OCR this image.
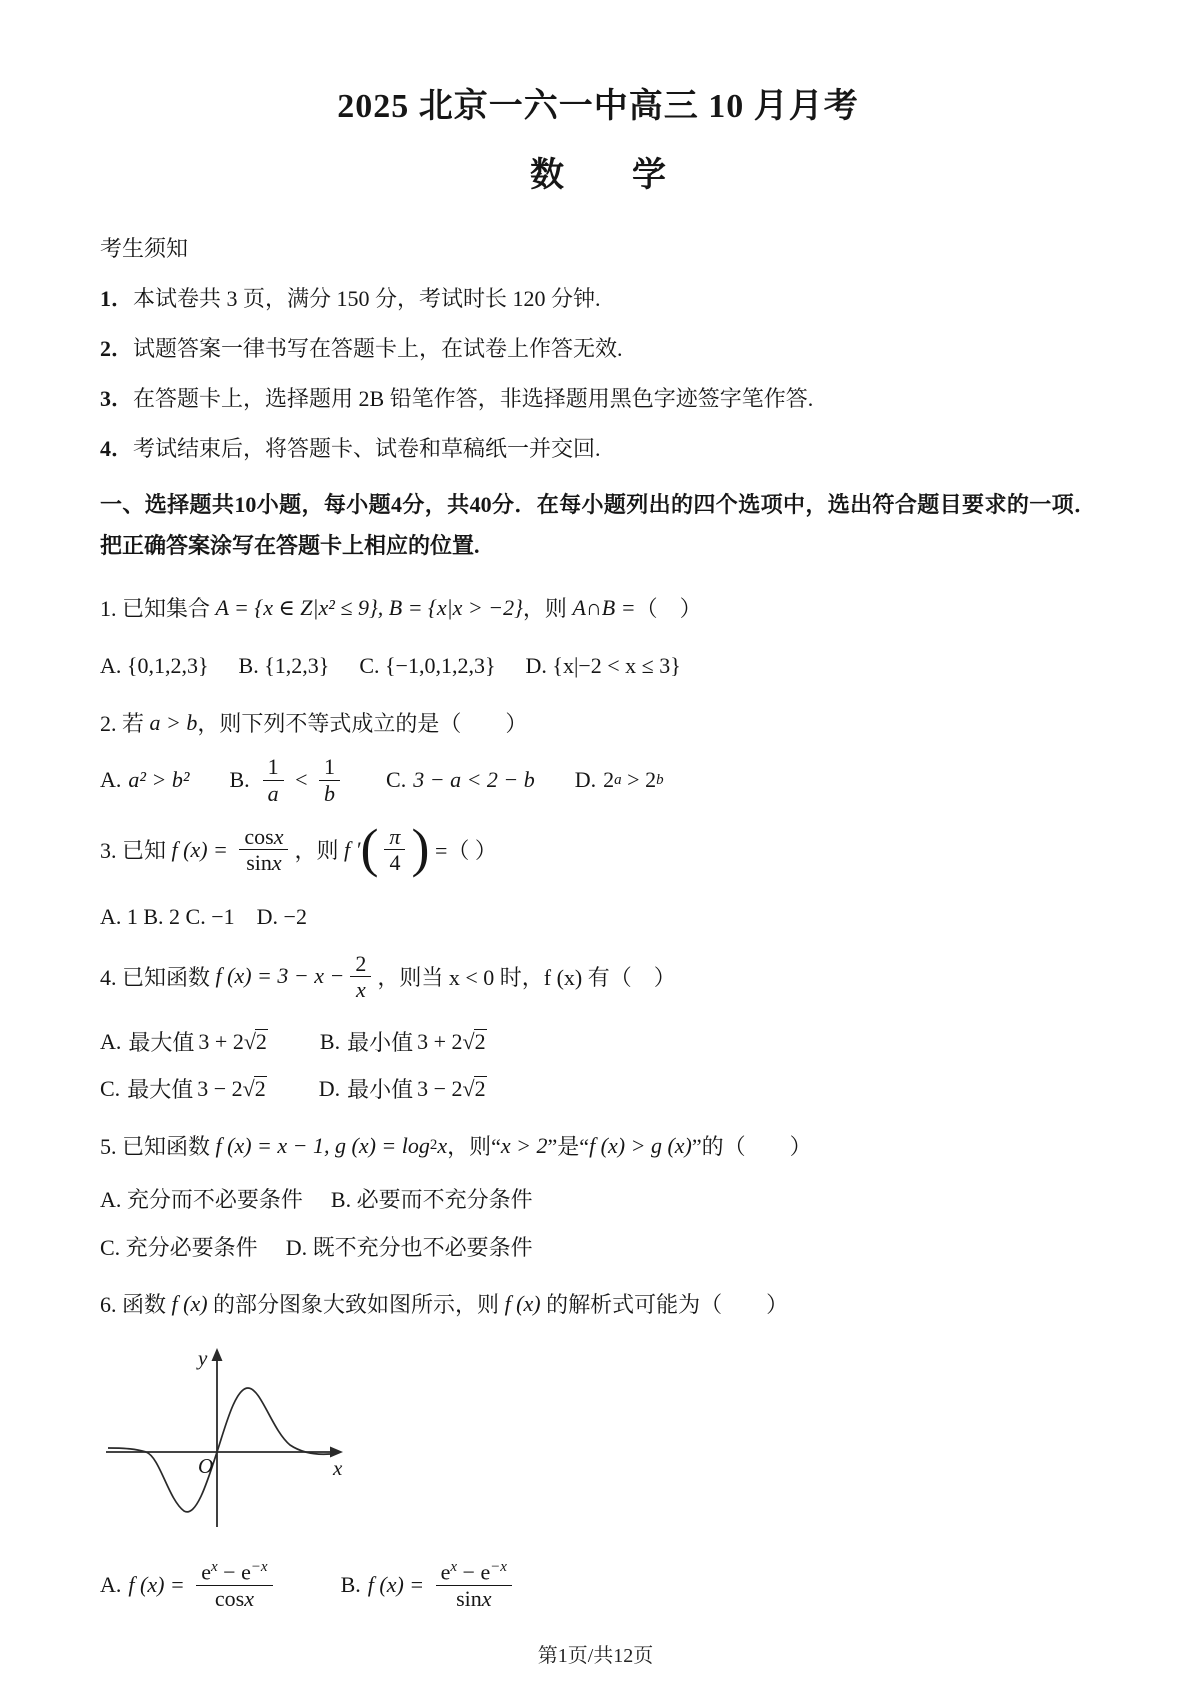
2025 北京一六一中高三 10 月月考
数　　学
考生须知
1．本试卷共 3 页，满分 150 分，考试时长 120 分钟.
2．试题答案一律书写在答题卡上，在试卷上作答无效.
3．在答题卡上，选择题用 2B 铅笔作答，非选择题用黑色字迹签字笔作答.
4．考试结束后，将答题卡、试卷和草稿纸一并交回.
一、选择题共10小题，每小题4分，共40分．在每小题列出的四个选项中，选出符合题目要求的一项．把正确答案涂写在答题卡上相应的位置.
1. 已知集合 A = {x ∈ Z|x² ≤ 9}, B = {x|x > −2} ，则 A∩B = （　）
A. {0,1,2,3} B. {1,2,3} C. {−1,0,1,2,3} D. {x|−2 < x ≤ 3}
2. 若 a > b ，则下列不等式成立的是（　　）
A. a² > b² B. $\frac{1}{a} < \frac{1}{b} C$. 3 − a < 2 − b D. 2 a > 2 b
3. 已知 f $(x) = \frac{\cos x}{\sin x}$ ，则 f ′ ( $\frac{\pi}{4}$ ) =（ ）
A. 1 B. 2 C. −1　D. −2
4. 已知函数 f $(x) = 3 - x - \frac{2}{x}$ ，则当 x < 0 时，f (x) 有（　）
A. 最大值 3 + 2 √ 2 B. 最小值 3 + 2 √ 2
C. 最大值 3 − 2 √ 2 D. 最小值 3 − 2 √ 2
5. 已知函数 f (x) = x − 1, g (x) = log 2 x ，则“ x > 2 ”是“ f (x) > g (x) ”的（　　）
A. 充分而不必要条件 B. 必要而不充分条件
C. 充分必要条件 D. 既不充分也不必要条件
6. 函数 f (x) 的部分图象大致如图所示，则 f (x) 的解析式可能为（　　）
y
x
O
A. f $(x) = \frac{e^x - e^{-x}}{\cos x}$	B. f $(x) = \frac{e^x - e^{-x}}{\sin x}$
第1页/共12页
